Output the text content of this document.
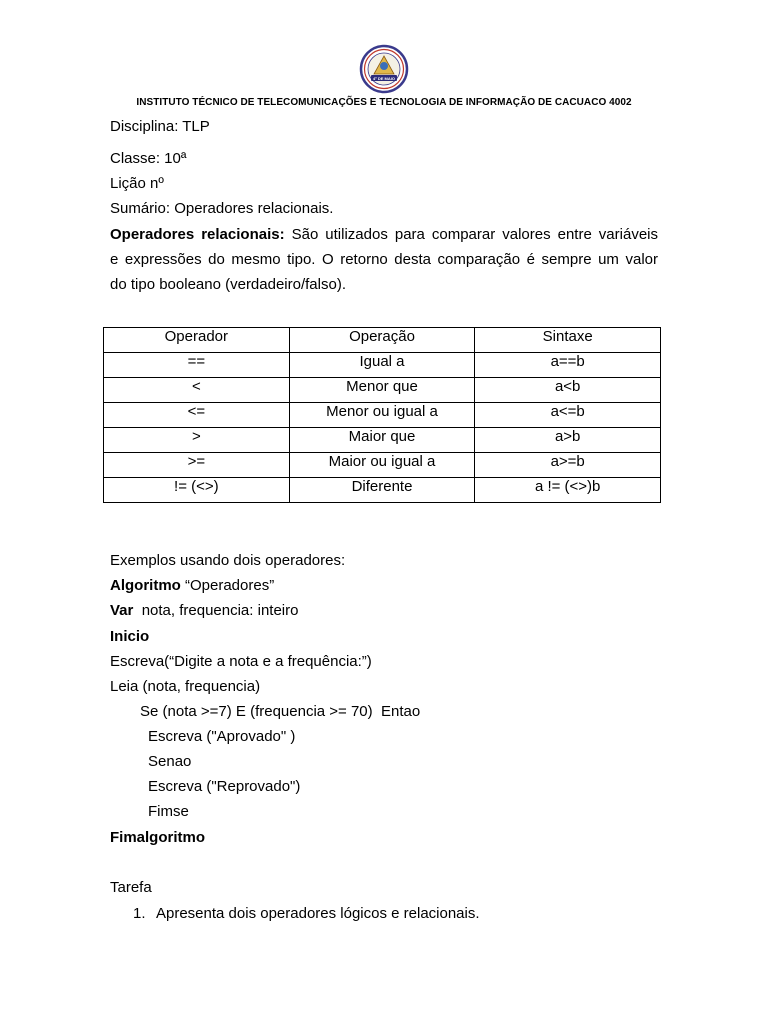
4º DE MAIO
INSTITUTO TÉCNICO DE TELECOMUNICAÇÕES E TECNOLOGIA DE INFORMAÇÃO DE CACUACO 4002
Disciplina: TLP
Classe: 10ª
Lição nº
Sumário: Operadores relacionais.
Operadores relacionais: São utilizados para comparar valores entre variáveis
e expressões do mesmo tipo. O retorno desta comparação é sempre um valor
do tipo booleano (verdadeiro/falso).
Operador	Operação	Sintaxe
==	Igual a	a==b
<	Menor que	a<b
<=	Menor ou igual a	a<=b
>	Maior que	a>b
>=	Maior ou igual a	a>=b
!= (<>)	Diferente	a != (<>)b
Exemplos usando dois operadores:
Algoritmo “Operadores”
Var  nota, frequencia: inteiro
Inicio
Escreva(“Digite a nota e a frequência:”)
Leia (nota, frequencia)
Se (nota >=7) E (frequencia >= 70)  Entao
Escreva ("Aprovado" )
Senao
Escreva ("Reprovado")
Fimse
Fimalgoritmo
Tarefa
1. Apresenta dois operadores lógicos e relacionais.
